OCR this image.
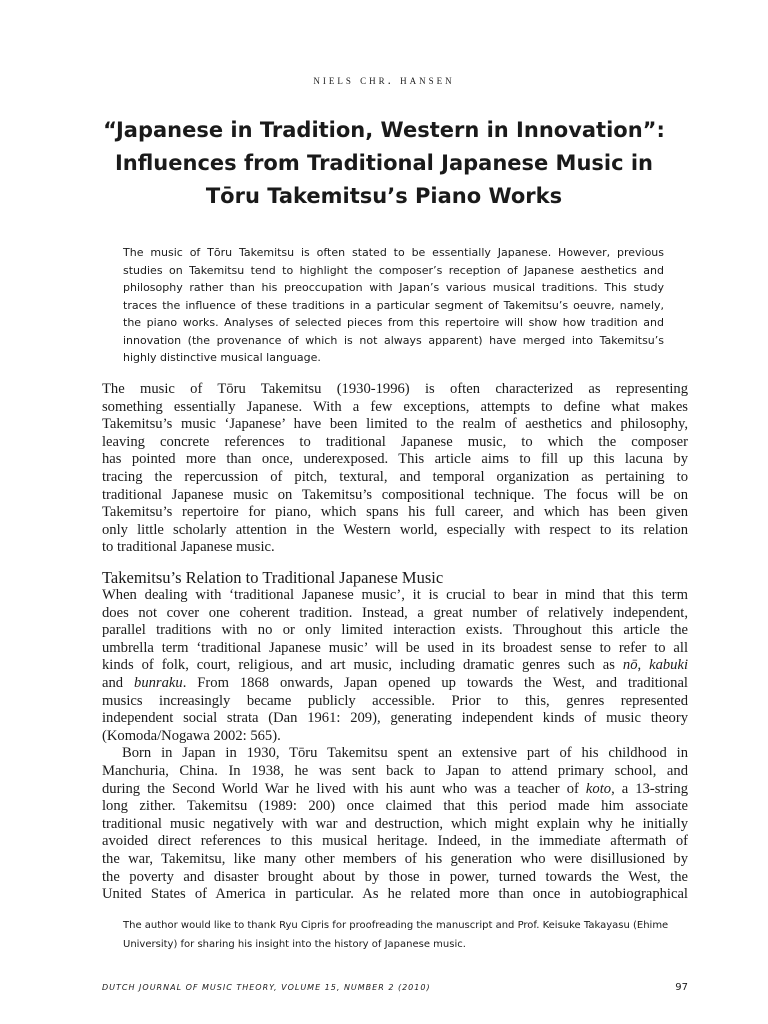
niels chr. hansen
“Japanese in Tradition, Western in Innovation”:
Influences from Traditional Japanese Music in
Tōru Takemitsu’s Piano Works
The music of Tōru Takemitsu is often stated to be essentially Japanese. However, previous
studies on Takemitsu tend to highlight the composer’s reception of Japanese aesthetics and
philosophy rather than his preoccupation with Japan’s various musical traditions. This study
traces the influence of these traditions in a particular segment of Takemitsu’s oeuvre, namely,
the piano works. Analyses of selected pieces from this repertoire will show how tradition and
innovation (the provenance of which is not always apparent) have merged into Takemitsu’s
highly distinctive musical language.
The music of Tōru Takemitsu (1930-1996) is often characterized as representing
something essentially Japanese. With a few exceptions, attempts to define what makes
Takemitsu’s music ‘Japanese’ have been limited to the realm of aesthetics and philosophy,
leaving concrete references to traditional Japanese music, to which the composer
has pointed more than once, underexposed. This article aims to fill up this lacuna by
tracing the repercussion of pitch, textural, and temporal organization as pertaining to
traditional Japanese music on Takemitsu’s compositional technique. The focus will be on
Takemitsu’s repertoire for piano, which spans his full career, and which has been given
only little scholarly attention in the Western world, especially with respect to its relation
to traditional Japanese music.
Takemitsu’s Relation to Traditional Japanese Music
When dealing with ‘traditional Japanese music’, it is crucial to bear in mind that this term
does not cover one coherent tradition. Instead, a great number of relatively independent,
parallel traditions with no or only limited interaction exists. Throughout this article the
umbrella term ‘traditional Japanese music’ will be used in its broadest sense to refer to all
kinds of folk, court, religious, and art music, including dramatic genres such as nō, kabuki
and bunraku. From 1868 onwards, Japan opened up towards the West, and traditional
musics increasingly became publicly accessible. Prior to this, genres represented
independent social strata (Dan 1961: 209), generating independent kinds of music theory
(Komoda/Nogawa 2002: 565).
Born in Japan in 1930, Tōru Takemitsu spent an extensive part of his childhood in
Manchuria, China. In 1938, he was sent back to Japan to attend primary school, and
during the Second World War he lived with his aunt who was a teacher of koto, a 13-string
long zither. Takemitsu (1989: 200) once claimed that this period made him associate
traditional music negatively with war and destruction, which might explain why he initially
avoided direct references to this musical heritage. Indeed, in the immediate aftermath of
the war, Takemitsu, like many other members of his generation who were disillusioned by
the poverty and disaster brought about by those in power, turned towards the West, the
United States of America in particular. As he related more than once in autobiographical
The author would like to thank Ryu Cipris for proofreading the manuscript and Prof. Keisuke Takayasu (Ehime
University) for sharing his insight into the history of Japanese music.
DUTCH JOURNAL OF MUSIC THEORY, VOLUME 15, NUMBER 2 (2010)	97
